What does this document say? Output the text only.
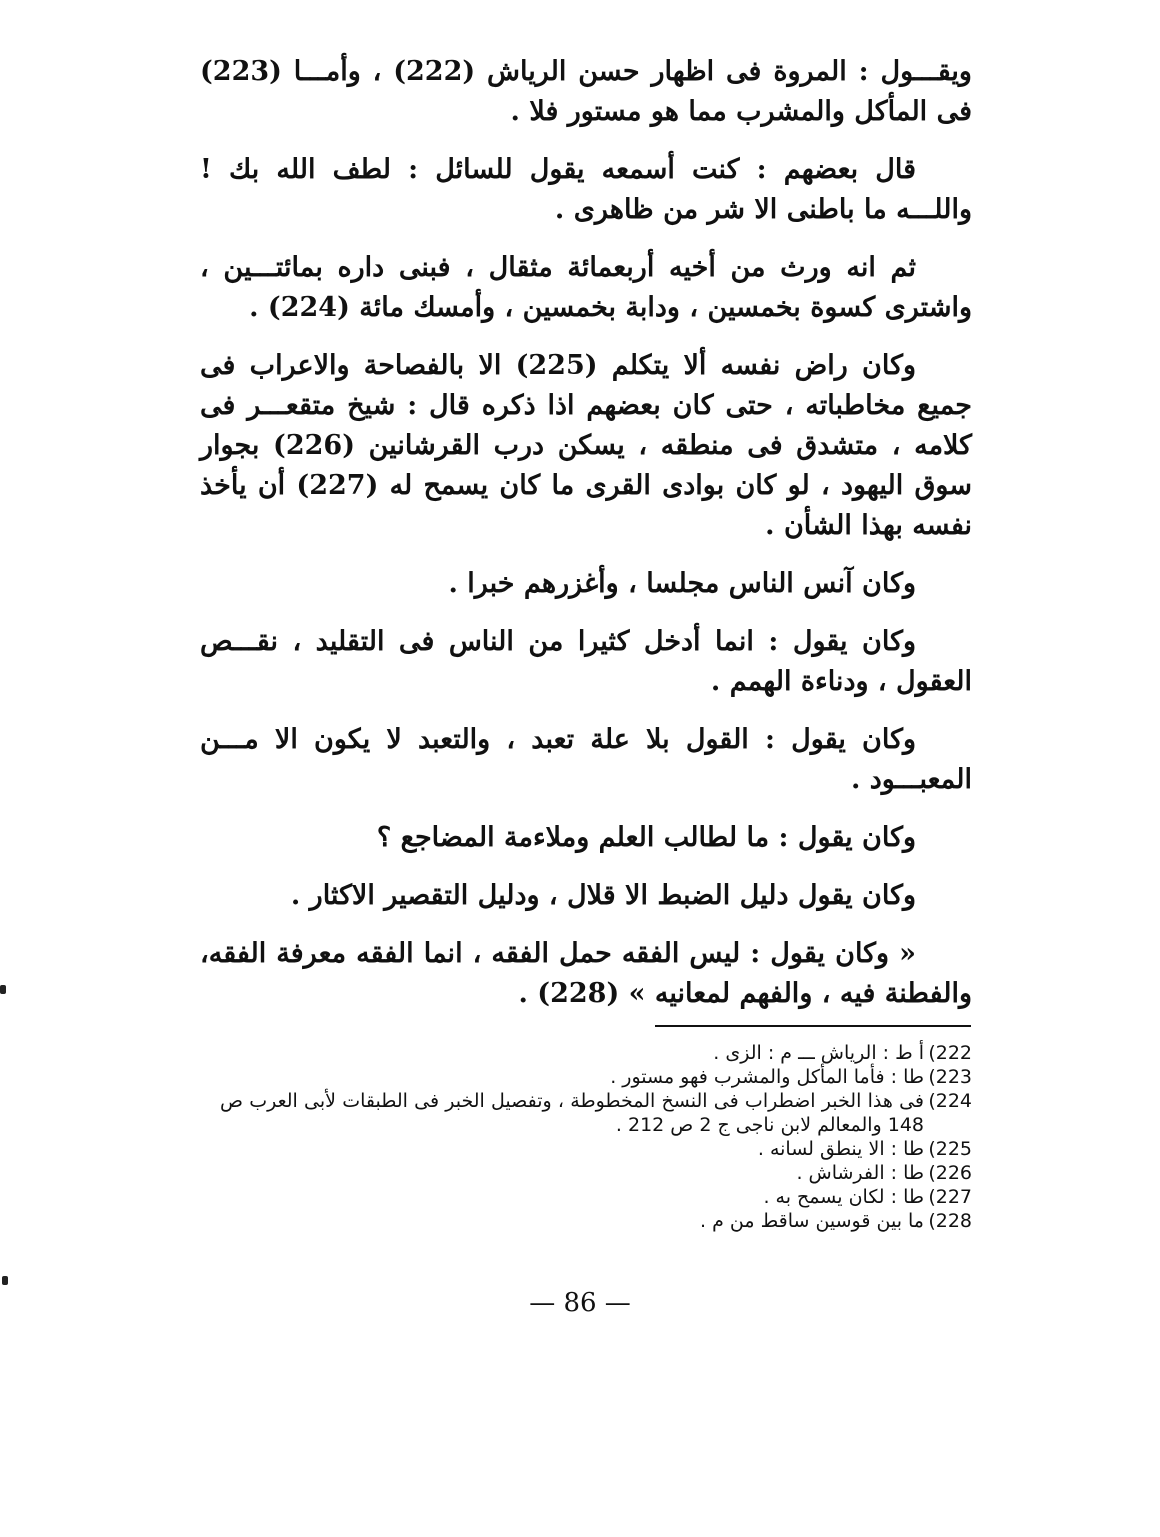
ويقـــول : المروة فى اظهار حسن الرياش (222) ، وأمـــا (223) فى المأكل والمشرب مما هو مستور فلا .

قال بعضهم : كنت أسمعه يقول للسائل : لطف الله بك ! واللـــه ما باطنى الا شر من ظاهرى .

ثم انه ورث من أخيه أربعمائة مثقال ، فبنى داره بمائتـــين ، واشترى كسوة بخمسين ، ودابة بخمسين ، وأمسك مائة (224) .

وكان راض نفسه ألا يتكلم (225) الا بالفصاحة والاعراب فى جميع مخاطباته ، حتى كان بعضهم اذا ذكره قال : شيخ متقعـــر فى كلامه ، متشدق فى منطقه ، يسكن درب القرشانين (226) بجوار سوق اليهود ، لو كان بوادى القرى ما كان يسمح له (227) أن يأخذ نفسه بهذا الشأن .

وكان آنس الناس مجلسا ، وأغزرهم خبرا .

وكان يقول : انما أدخل كثيرا من الناس فى التقليد ، نقـــص العقول ، ودناءة الهمم .

وكان يقول : القول بلا علة تعبد ، والتعبد لا يكون الا مـــن المعبـــود .

وكان يقول : ما لطالب العلم وملاءمة المضاجع ؟

وكان يقول دليل الضبط الا قلال ، ودليل التقصير الاكثار .

« وكان يقول : ليس الفقه حمل الفقه ، انما الفقه معرفة الفقه، والفطنة فيه ، والفهم لمعانيه » (228) .

(222
أ ط : الرياش ـــ م : الزى .
(223
طا : فأما المأكل والمشرب فهو مستور .
(224
فى هذا الخبر اضطراب فى النسخ المخطوطة ، وتفصيل الخبر فى الطبقات لأبى العرب ص 148 والمعالم لابن ناجى ج 2 ص 212 .
(225
طا : الا ينطق لسانه .
(226
طا : الفرشاش .
(227
طا : لكان يسمح به .
(228
ما بين قوسين ساقط من م .
— 86 —
